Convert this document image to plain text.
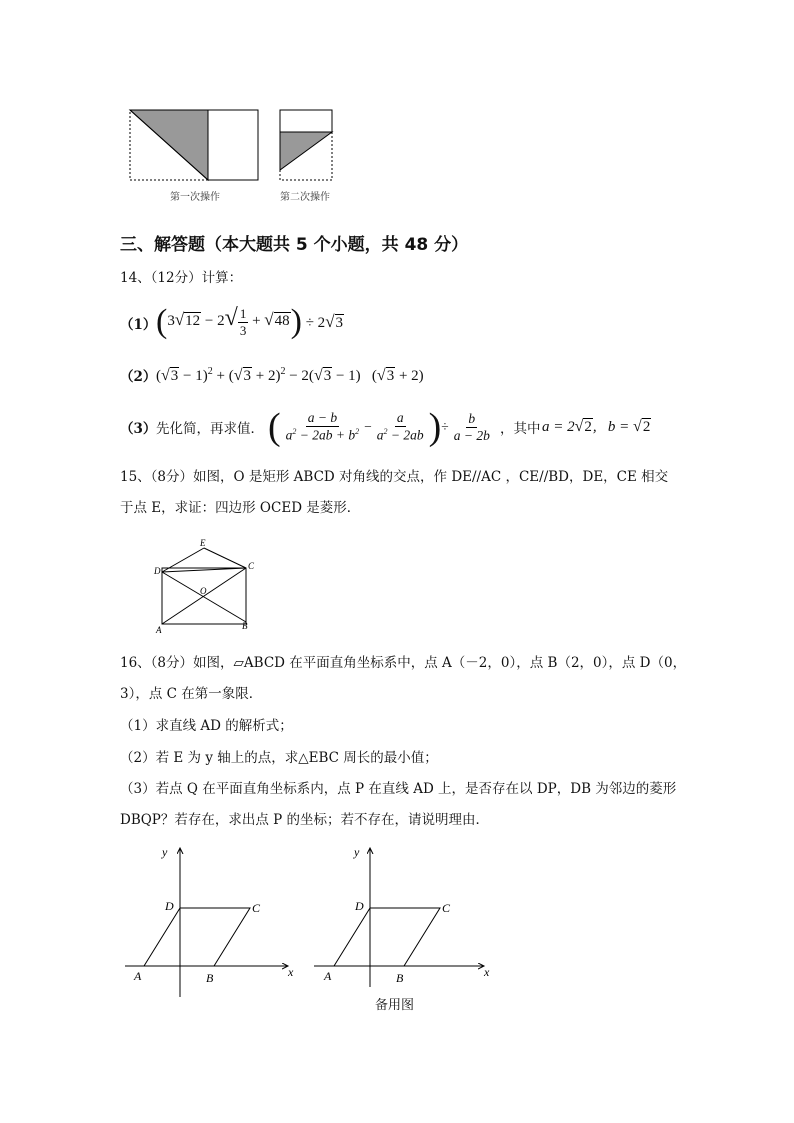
第一次操作	第二次操作
三、解答题（本大题共 5 个小题，共 48 分）
14、（12分）计算：
（1） ( $3√12 - 2√ \frac{1}{3} + √48$ ) ÷ 2√3
（2） $(√3 - 1)^2 + (√3 + 2)^2 - 2(√3 - 1)$   (√3 + 2)
（3） 先化简，再求值． ( $\frac{a - b}{a^2 - 2ab + b^2} - \frac{a}{a^2 - 2ab}$ ) ÷ $\frac{b}{a - 2b}$ ，其中 a = 2√2,   b = √2
15、（8分）如图，O 是矩形 ABCD 对角线的交点，作 DE//AC ，CE//BD，DE，CE 相交
于点 E，求证：四边形 OCED 是菱形．
E
D	C
O
A	B
16、（8分）如图，▱ABCD 在平面直角坐标系中，点 A（－2，0），点 B（2，0），点 D（0，
3），点 C 在第一象限．
（1）求直线 AD 的解析式；
（2）若 E 为 y 轴上的点，求△EBC 周长的最小值；
（3）若点 Q 在平面直角坐标系内，点 P 在直线 AD 上，是否存在以 DP，DB 为邻边的菱形
DBQP？若存在，求出点 P 的坐标；若不存在，请说明理由．
y
x
D	C
A	B
y
x
D	C
A	B
备用图
